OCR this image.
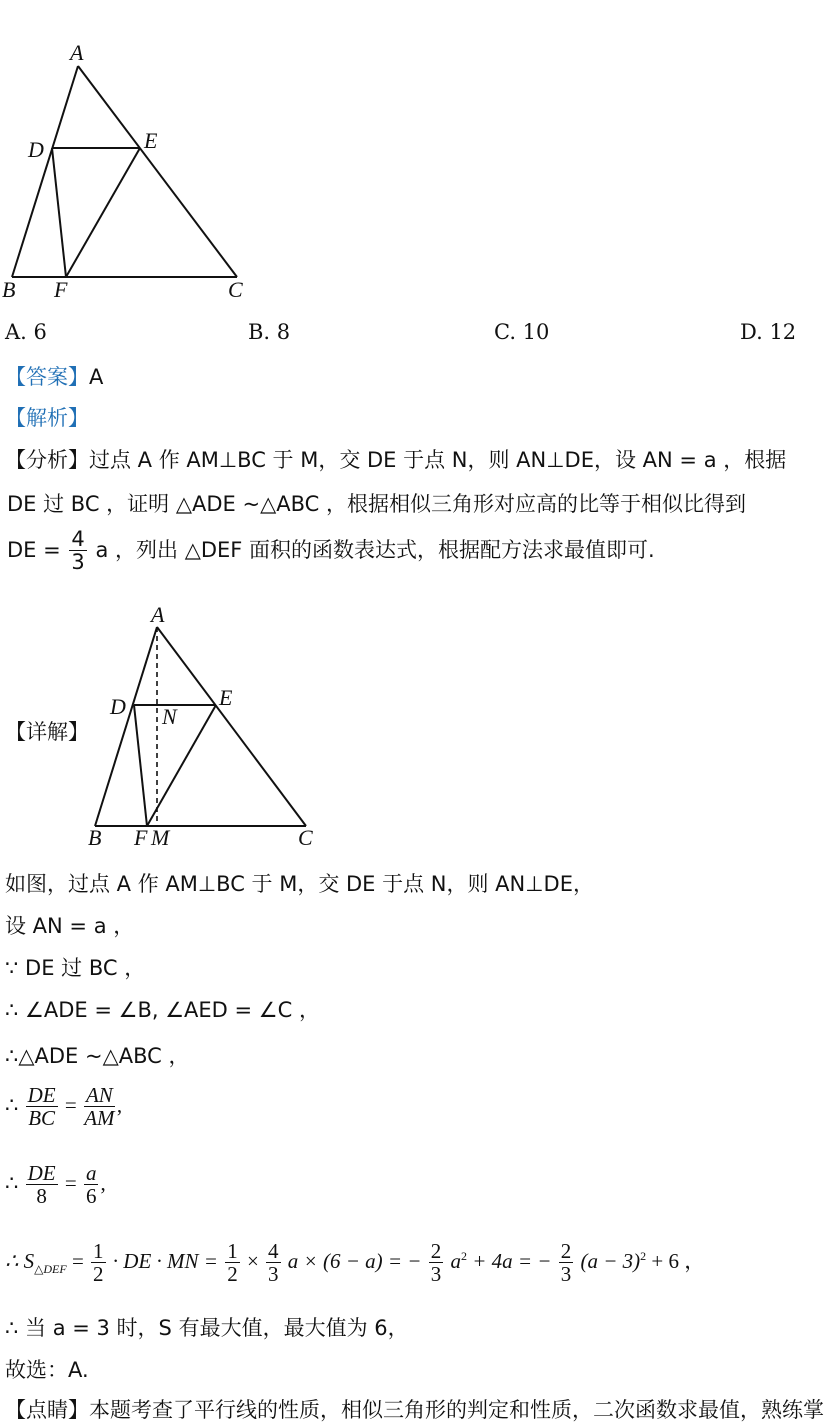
A
D	E
B F	C
A. 6	B. 8	C. 10	D. 12
【答案】A
【解析】
【分析】过点 A 作 AM⊥BC 于 M，交 DE 于点 N，则 AN⊥DE，设 AN = a ，根据
DE 过 BC ，证明 △ADE ~△ABC ，根据相似三角形对应高的比等于相似比得到
DE = $\frac{4}{3}$ a ，列出 △DEF 面积的函数表达式，根据配方法求最值即可.
【详解】
A
D	E
N
B F M	C
如图，过点 A 作 AM⊥BC 于 M，交 DE 于点 N，则 AN⊥DE，
设 AN = a ，
∵ DE 过 BC ，
∴ ∠ADE = ∠B, ∠AED = ∠C ，
∴△ADE ~△ABC ，
∴ $\frac{DE}{BC} = \frac{AN}{AM}$ ,
∴ $\frac{DE}{8} = \frac{a}{6}$ ,
∴ $S_{\triangle DEF} = \frac{1}{2}$ · DE · MN = $\frac{1}{2} \times \frac{4}{3}$ a × (6 − a) = − $\frac{2}{3} a^2 + 4a$ = − $\frac{2}{3} (a - 3)^2 + 6$ ，
∴ 当 a = 3 时，S 有最大值，最大值为 6，
故选：A.
【点睛】本题考查了平行线的性质，相似三角形的判定和性质，二次函数求最值，熟练掌
